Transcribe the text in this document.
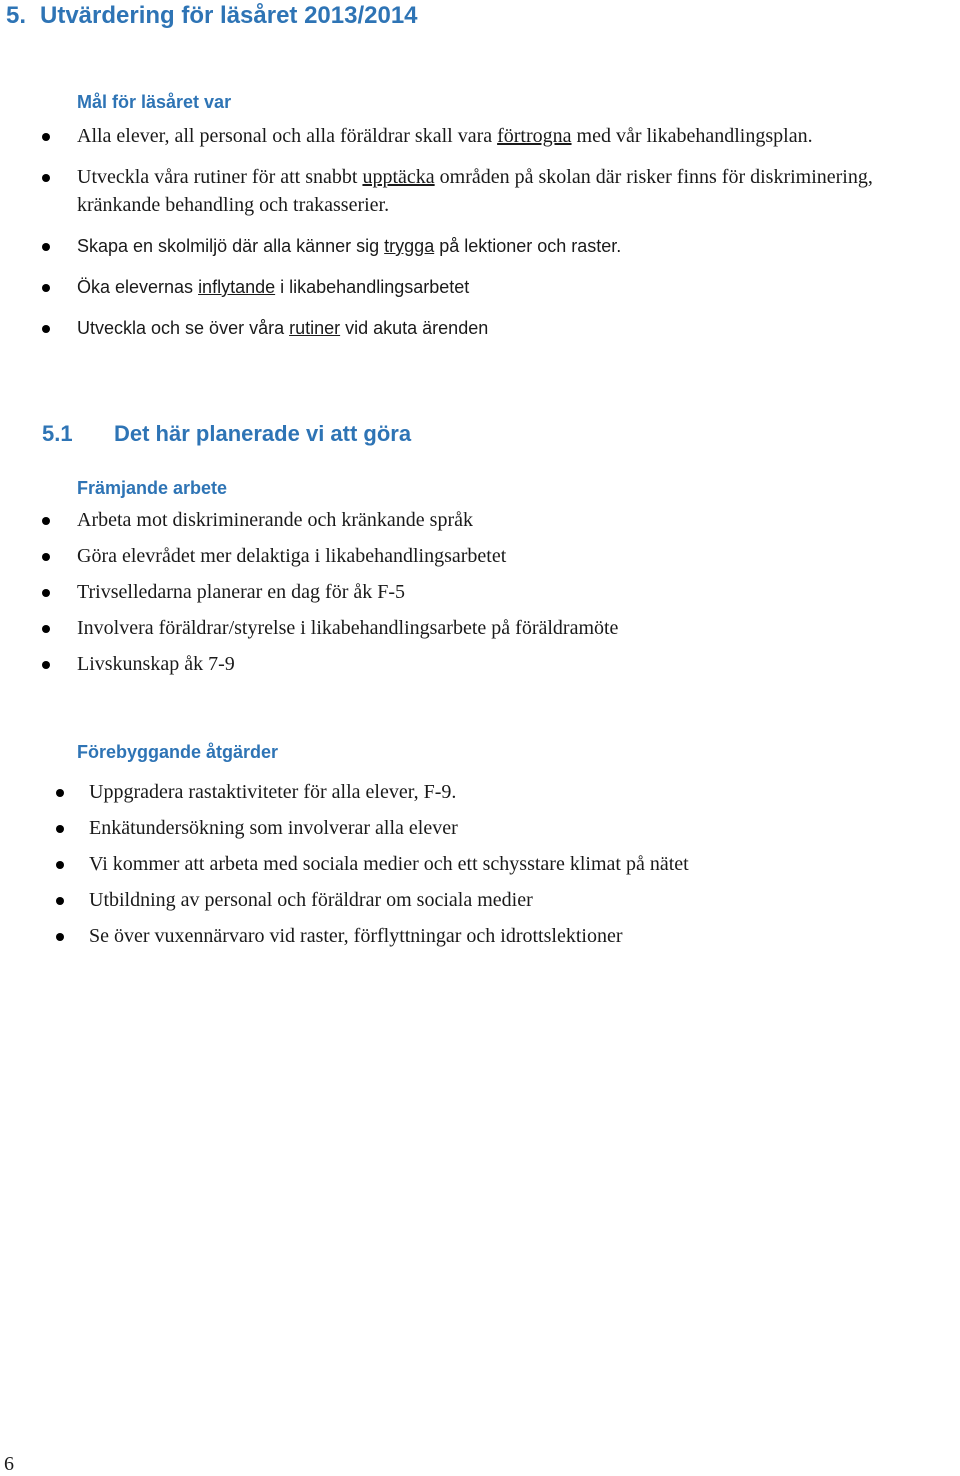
5. Utvärdering för läsåret 2013/2014
Mål för läsåret var
Alla elever, all personal och alla föräldrar skall vara förtrogna med vår likabehandlingsplan.
Utveckla våra rutiner för att snabbt upptäcka områden på skolan där risker finns för diskriminering, kränkande behandling och trakasserier.
Skapa en skolmiljö där alla känner sig trygga på lektioner och raster.
Öka elevernas inflytande i likabehandlingsarbetet
Utveckla och se över våra rutiner vid akuta ärenden
5.1 Det här planerade vi att göra
Främjande arbete
Arbeta mot diskriminerande och kränkande språk
Göra elevrådet mer delaktiga i likabehandlingsarbetet
Trivselledarna planerar en dag för åk F-5
Involvera föräldrar/styrelse i likabehandlingsarbete på föräldramöte
Livskunskap åk 7-9
Förebyggande åtgärder
Uppgradera rastaktiviteter för alla elever, F-9.
Enkätundersökning som involverar alla elever
Vi kommer att arbeta med sociala medier och ett schysstare klimat på nätet
Utbildning av personal och föräldrar om sociala medier
Se över vuxennärvaro vid raster, förflyttningar och idrottslektioner
6
